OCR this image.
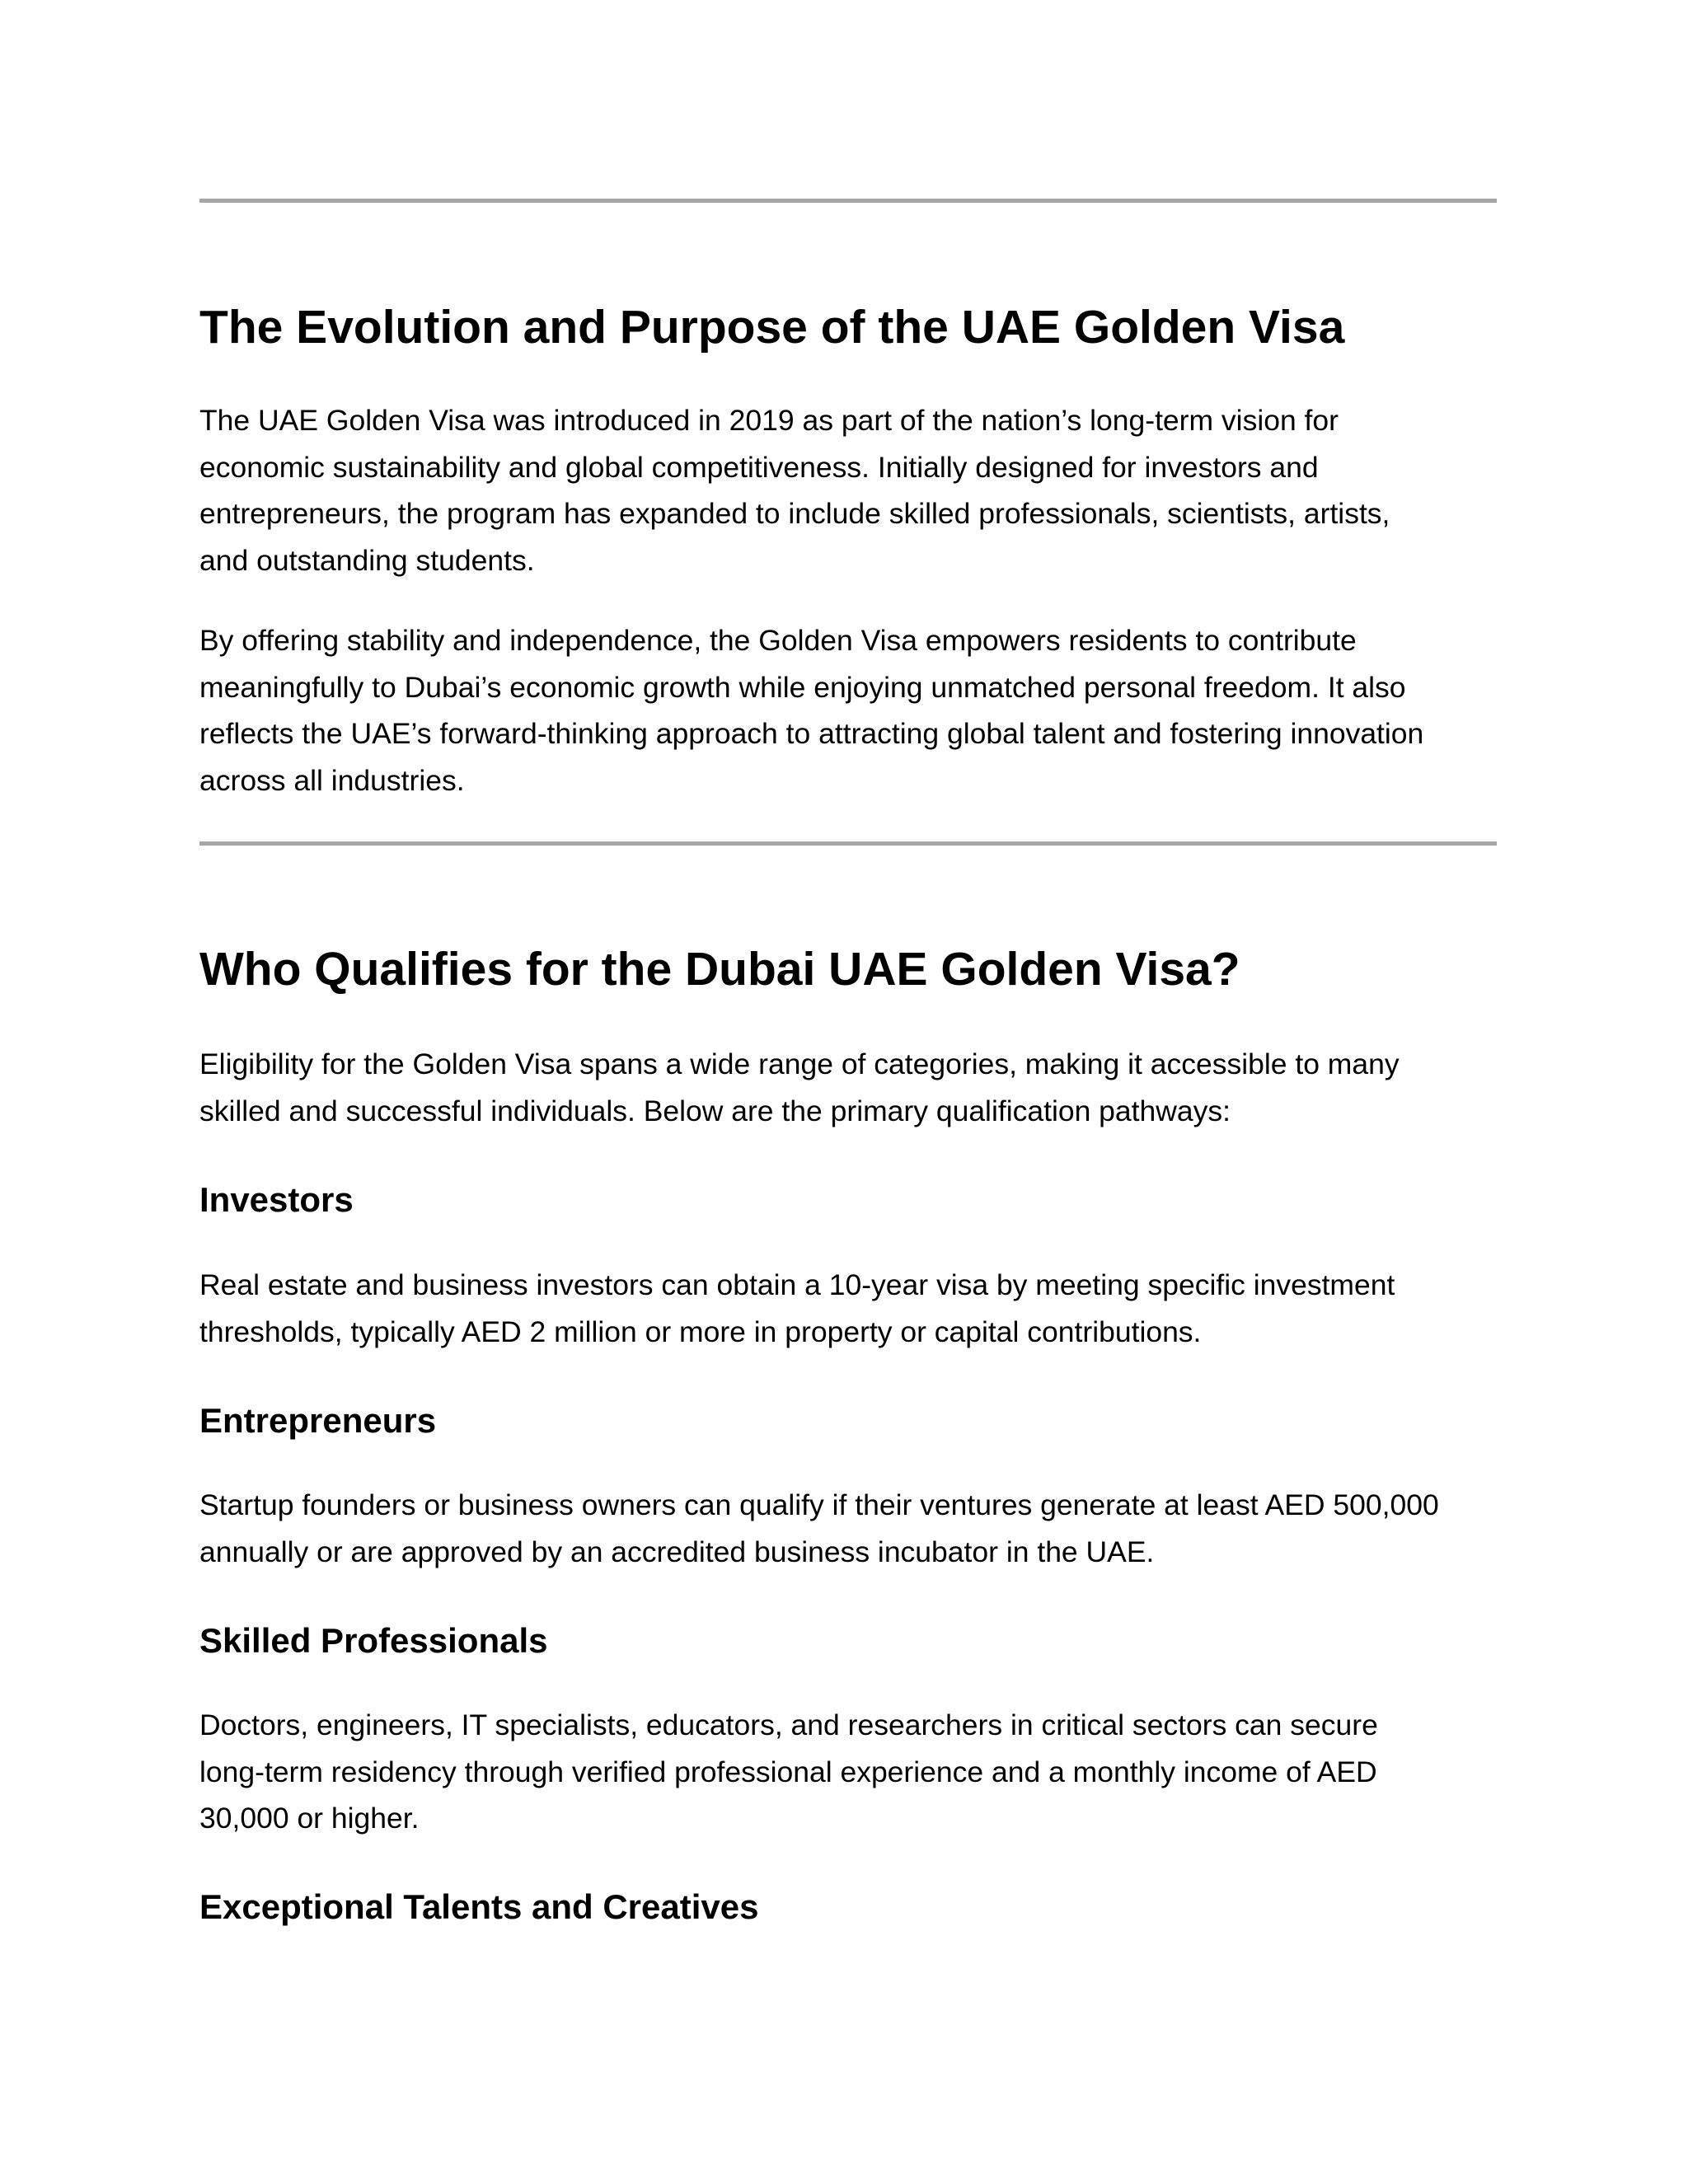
The Evolution and Purpose of the UAE Golden Visa

The UAE Golden Visa was introduced in 2019 as part of the nation’s long-term vision for
economic sustainability and global competitiveness. Initially designed for investors and
entrepreneurs, the program has expanded to include skilled professionals, scientists, artists,
and outstanding students.

By offering stability and independence, the Golden Visa empowers residents to contribute
meaningfully to Dubai’s economic growth while enjoying unmatched personal freedom. It also
reflects the UAE’s forward-thinking approach to attracting global talent and fostering innovation
across all industries.

Who Qualifies for the Dubai UAE Golden Visa?

Eligibility for the Golden Visa spans a wide range of categories, making it accessible to many
skilled and successful individuals. Below are the primary qualification pathways:

Investors

Real estate and business investors can obtain a 10-year visa by meeting specific investment
thresholds, typically AED 2 million or more in property or capital contributions.

Entrepreneurs

Startup founders or business owners can qualify if their ventures generate at least AED 500,000
annually or are approved by an accredited business incubator in the UAE.

Skilled Professionals

Doctors, engineers, IT specialists, educators, and researchers in critical sectors can secure
long-term residency through verified professional experience and a monthly income of AED
30,000 or higher.

Exceptional Talents and Creatives
